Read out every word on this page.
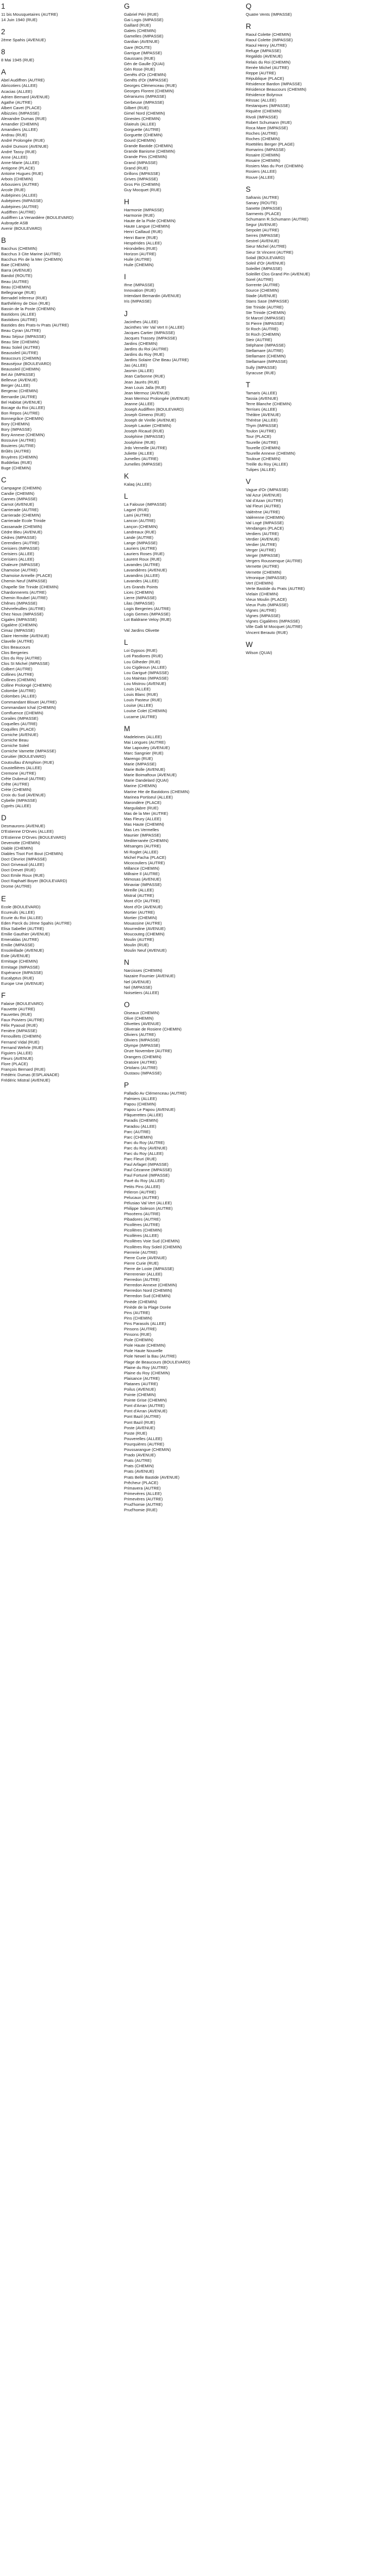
1
11 bis Mousquetaires (AUTRE)
14 Juin 1940 (RUE)
2
2ème Spahis (AVENUE)
8
8 Mai 1945 (RUE)
A
Abel Audiffren (AUTRE)
Abricotiers (ALLEE)
Acacias (ALLEE)
Adrien Bernard (AVENUE)
Agathe (AUTRE)
Albert Cavet (PLACE)
Albizzies (IMPASSE)
Alexandre Dumas (RUE)
Amandier (CHEMIN)
Amandiers (ALLEE)
Andrau (RUE)
André Prolongée (RUE)
André Dumont (AVENUE)
André Tassy (RUE)
Anne (ALLEE)
Anne-Marie (ALLEE)
Antigone (PLACE)
Antoine Hugues (RUE)
Arbois (CHEMIN)
Arbousiers (AUTRE)
Arcole (RUE)
Aubépines (ALLEE)
Aubépines (IMPASSE)
Aubépines (AUTRE)
Audiffren (AUTRE)
Audiffren La Venardière (BOULEVARD)
Aubrayde ASB
Avenir (BOULEVARD)
B
Bacchus (CHEMIN)
Bacchus 3 Cite Marine (AUTRE)
Bacchus Pin de la Mer (CHEMIN)
Baie (CHEMIN)
Barra (AVENUE)
Bandol (ROUTE)
Beau (AUTRE)
Beau (CHEMIN)
Bellegrange (RUE)
Bernadel Inferreur (RUE)
Barthélémy de Dion (RUE)
Bassin de la Poste (CHEMIN)
Bastidons (ALLEE)
Bastidons (AUTRE)
Bastides des Prats-Iv Prats (AUTRE)
Beau Cyran (AUTRE)
Beau Séjour (IMPASSE)
Beau Site (CHEMIN)
Beau Soleil (AUTRE)
Beausoleil (AUTRE)
Beaucours (CHEMIN)
Beauséjour (BOULEVARD)
Beausoleil (CHEMIN)
Bel Air (IMPASSE)
Bellevue (AVENUE)
Berger (ALLEE)
Bergerac (CHEMIN)
Bernardie (AUTRE)
Bel Habitat (AVENUE)
Bocage du Roi (ALLEE)
Bon Repos (AUTRE)
Bonnegrâce (CHEMIN)
Bory (CHEMIN)
Bory (IMPASSE)
Bory Annexe (CHEMIN)
Bossuive (AUTRE)
Bouieres (AUTRE)
Brûlés (AUTRE)
Bruyères (CHEMIN)
Buddelias (RUE)
Buge (CHEMIN)
C
Campagne (CHEMIN)
Candie (CHEMIN)
Cannes (IMPASSE)
Carnot (AVENUE)
Carrierade (AUTRE)
Carrierade (CHEMIN)
Carrierade Ecole Trinide
Cassanade (CHEMIN)
Cèdre Bleu (AVENUE)
Cèdres (IMPASSE)
Cerendiers (AUTRE)
Cerisiers (IMPASSE)
Cerisiers (ALLEE)
Cerisiers (ALLEE)
Chaleure (IMPASSE)
Chamoise (AUTRE)
Chamoise Armelle (PLACE)
Chemin Neuf (IMPASSE)
Chapelle Ste Trinide (CHEMIN)
Chardonnerets (AUTRE)
Chemin Roubel (AUTRE)
Chênes (IMPASSE)
Chèvrefeuilles (AUTRE)
Chez Nous (IMPASSE)
Cigales (IMPASSE)
Cigalière (CHEMIN)
Cimaz (IMPASSE)
Claire Hermitte (AVENUE)
Clavelle (AUTRE)
Clos Beaucours
Clos Bergeries
Clos du Roy (AUTRE)
Clos St Michel (IMPASSE)
Colbert (AUTRE)
Collines (AUTRE)
Collines (CHEMIN)
Colline Prolongé (CHEMIN)
Colombe (AUTRE)
Colombes (ALLEE)
Commandant Blouet (AUTRE)
Commandant Ichal (CHEMIN)
Comfluence (CHEMIN)
Corailes (IMPASSE)
Coquelles (AUTRE)
Coquilles (PLACE)
Corniche (AVENUE)
Corniche Beau
Corniche Soleil
Corniche Varnette (IMPASSE)
Coruitier (BOULEVARD)
Coutoullau d'Amphion (RUE)
Coustellières (ALLEE)
Cremone (AUTRE)
Crête Dubreuil (AUTRE)
Crête (AUTRE)
Crète (CHEMIN)
Croix du Sud (AVENUE)
Cybelle (IMPASSE)
Cyprès (ALLEE)
D
Desmaurons (AVENUE)
D'Estienne D'Orves (ALLEE)
D'Estienne D'Orves (BOULEVARD)
Devenotte (CHEMIN)
Diable (CHEMIN)
Diables Tisot Fort Bout (CHEMIN)
Doct Clevriot (IMPASSE)
Doct Griveaud (ALLEE)
Doct Drevet (RUE)
Doct Emile Roux (RUE)
Doct Raphaël Boyer (BOULEVARD)
Drome (AUTRE)
E
Ecole (BOULEVARD)
Ecureuils (ALLEE)
Ecurie du Roi (ALLEE)
Eden Parck du 2ème Spahis (AUTRE)
Elisa Sabellet (AUTRE)
Emilie Gauthier (AVENUE)
Emeraldas (AUTRE)
Emilie (IMPASSE)
Ensoleillade (AVENUE)
Eole (AVENUE)
Ermitage (CHEMIN)
Ermitage (IMPASSE)
Espérance (IMPASSE)
Eucalyptus (RUE)
Europe Une (AVENUE)
F
Falaise (BOULEVARD)
Fauvette (AUTRE)
Fauvettes (RUE)
Faux Poiviers (AUTRE)
Félix Pyaoud (RUE)
Fenière (IMPASSE)
Fenouillets (CHEMIN)
Fernand Vidal (RUE)
Fernand Wehrle (RUE)
Figuiers (ALLEE)
Fleurs (AVENUE)
Flore (PLACE)
François Bernard (RUE)
Frédéric Dumas (ESPLANADE)
Frédéric Mistral (AVENUE)
G
Gabriel Péri (RUE)
Gai Logis (IMPASSE)
Gaillard (RUE)
Galets (CHEMIN)
Gamelles (IMPASSE)
Gardian (AVENUE)
Gare (ROUTE)
Garrigue (IMPASSE)
Gaussans (RUE)
Gén de Gaulle (QUAI)
Gén Rose (RUE)
Genêts d'Or (CHEMIN)
Genêts d'Or (IMPASSE)
Georges Clémenceau (RUE)
Georges Florent (CHEMIN)
Géraniums (IMPASSE)
Gerbeuse (IMPASSE)
Gilbert (RUE)
Gimel Nord (CHEMIN)
Ginestes (CHEMIN)
Glaïeuls (ALLEE)
Gorguette (AUTRE)
Gorguette (CHEMIN)
Gourd (CHEMIN)
Grande Bastide (CHEMIN)
Grande Banisme (CHEMIN)
Grande Pins (CHEMIN)
Grand (IMPASSE)
Grand (RUE)
Grillons (IMPASSE)
Grives (IMPASSE)
Gros Pin (CHEMIN)
Guy Mocquet (RUE)
H
Harmonie (IMPASSE)
Harmonie (RUE)
Haute de la Piole (CHEMIN)
Haute Langue (CHEMIN)
Henri Caillaud (RUE)
Henri Barre (RUE)
Hespérides (ALLEE)
Hirondelles (RUE)
Horizon (AUTRE)
Huile (AUTRE)
Huile (CHEMIN)
I
Ifrne (IMPASSE)
Innovation (RUE)
Intendant Bernardin (AVENUE)
Iris (IMPASSE)
J
Jacinthes (ALLEE)
Jacinthes Ver Val Vert II (ALLEE)
Jacques Cartier (IMPASSE)
Jacques Trassey (IMPASSE)
Jardins (CHEMIN)
Jardins du Roi (AUTRE)
Jardins du Roy (RUE)
Jardins Solaire Che Beau (AUTRE)
Jas (ALLEE)
Jasmin (ALLEE)
Jean Carbonne (RUE)
Jean Jaurès (RUE)
Jean Louis Jalla (RUE)
Jean Mermoz (AVENUE)
Jean Mermoz Prolongée (AVENUE)
Jeanne (ALLEE)
Joseph Audiffren (BOULEVARD)
Joseph Gimeno (RUE)
Joseph de Virelle (AVENUE)
Joseph Lautier (CHEMIN)
Joseph Ricaud (RUE)
Joséphine (IMPASSE)
Joséphine (RUE)
Jrdo Verneille (AUTRE)
Juliette (ALLEE)
Jumelles (AUTRE)
Jumelles (IMPASSE)
K
Kalaq (ALLEE)
L
La Falouse (IMPASSE)
Lagzel (RUE)
Lami (AUTRE)
Lancon (AUTRE)
Lançon (CHEMIN)
Landreaux (RUE)
Lande (AUTRE)
Lange (IMPASSE)
Lauriers (AUTRE)
Lauriers Roses (RUE)
Laurent Roux (RUE)
Lavandes (AUTRE)
Lavandières (AVENUE)
Lavandins (ALLEE)
Lavandes (ALLEE)
Les Grands Points
Lices (CHEMIN)
Lierre (IMPASSE)
Lilas (IMPASSE)
Logis Bergeries (AUTRE)
Logis Gemes (IMPASSE)
Lot Baldrane Veloy (RUE)
Val Jardins Olivette
L
Loi Gypsos (RUE)
Loti Pasdiores (RUE)
Lou Gilheder (RUE)
Lou Cigdeoun (ALLEE)
Lou Garigué (IMPASSE)
Lou Maintas (IMPASSE)
Lou Mistrou (AVENUE)
Louis (ALLEE)
Louis Blanc (RUE)
Louis Pasteur (RUE)
Louise (ALLEE)
Louise Colet (CHEMIN)
Lucarne (AUTRE)
M
Madeleines (ALLEE)
Mai Longues (AUTRE)
Mar Lapoutey (AVENUE)
Marc Sangnier (RUE)
Marengo (RUE)
Marie (IMPASSE)
Marie Bolle (AVENUE)
Marie Boimaftoux (AVENUE)
Marie Dandelard (QUAI)
Marine (CHEMIN)
Marine Hte de Bastidons (CHEMIN)
Marinea Portiseul (ALLEE)
Marondère (PLACE)
Marguilabre (RUE)
Mas de la Mer (AUTRE)
Mas Fleury (ALLEE)
Mas Haute (CHEMIN)
Mas Les Vermelles
Maunier (IMPASSE)
Mediterranée (CHEMIN)
Mésanges (AUTRE)
Mi Roglet (ALLEE)
Michel Pacha (PLACE)
Micocouliers (AUTRE)
Millance (CHEMIN)
Millraire Il (AUTRE)
Mimosas (AVENUE)
Minaviar (IMPASSE)
Mireille (ALLEE)
Mistral (AUTRE)
Mont d'Or (AUTRE)
Mont d'Or (AVENUE)
Mortier (AUTRE)
Mortier (CHEMIN)
Mouassine (AUTRE)
Mourredine (AVENUE)
Moucouteg (CHEMIN)
Moulin (AUTRE)
Moulin (RUE)
Moulin Neuf (AVENUE)
N
Narcisses (CHEMIN)
Nazaire Fournier (AVENUE)
Nel (AVENUE)
Nel (IMPASSE)
Noisetiers (ALLEE)
O
Oiseaux (CHEMIN)
Olive (CHEMIN)
Olivettes (AVENUE)
Oliveraie de Rosiere (CHEMIN)
Oliviers (AUTRE)
Oliviers (IMPASSE)
Olympe (IMPASSE)
Onze Novembre (AUTRE)
Orangers (CHEMIN)
Oratoire (AUTRE)
Ortolans (AUTRE)
Oustaou (IMPASSE)
P
Palladio Av Clémenceau (AUTRE)
Palmiers (ALLEE)
Papou (CHEMIN)
Papou Le Papou (AVENUE)
Pâquerettes (ALLEE)
Paradis (CHEMIN)
Paradou (ALLEE)
Parc (AUTRE)
Parc (CHEMIN)
Parc du Roy (AUTRE)
Parc du Roy (AVENUE)
Parc du Roy (ALLEE)
Parc Fleuri (RUE)
Paul Arfaget (IMPASSE)
Paul Cézanne (IMPASSE)
Paul Fortuné (IMPASSE)
Pavé du Roy (ALLEE)
Petits Pins (ALLEE)
Péleron (AUTRE)
Pelucaux (AUTRE)
Pélusiao Val Vert (ALLEE)
Philippe Soleson (AUTRE)
Phocéens (AUTRE)
Pibadores (AUTRE)
Picollères (AUTRE)
Picollères (CHEMIN)
Picollères (ALLEE)
Picollères Voie Sud (CHEMIN)
Picollères Roy Soleil (CHEMIN)
Pierrerie (AUTRE)
Pierre Curie (AVENUE)
Pierre Curie (RUE)
Pierre de Loste (IMPASSE)
Pierrerenier (ALLEE)
Pierredon (AUTRE)
Pierredon Annexe (CHEMIN)
Pierredon Nord (CHEMIN)
Pierredon Sud (CHEMIN)
Pinède (CHEMIN)
Pinède de la Plage Dorée
Pins (AUTRE)
Pins (CHEMIN)
Pins Parasols (ALLEE)
Pinsons (AUTRE)
Pinsons (RUE)
Piole (CHEMIN)
Piole Haute (CHEMIN)
Piole Haute Nouvelle
Piole Newel la Bau (AUTRE)
Plage de Beaucours (BOULEVARD)
Plaine du Roy (AUTRE)
Plaine du Roy (CHEMIN)
Plaisance (AUTRE)
Platanes (AUTRE)
Poilus (AVENUE)
Pointe (CHEMIN)
Pointe Grise (CHEMIN)
Pont d'Arran (AUTRE)
Pont d'Arran (AVENUE)
Pont Bazil (AUTRE)
Pont Bazil (RUE)
Poste (AVENUE)
Poste (RUE)
Pouverelles (ALLEE)
Pourquières (AUTRE)
Poussarangue (CHEMIN)
Prado (AVENUE)
Prats (AUTRE)
Prats (CHEMIN)
Prats (AVENUE)
Prats Belle Bastide (AVENUE)
Prêcheur (PLACE)
Primavera (AUTRE)
Primevères (ALLEE)
Primevères (AUTRE)
Prud'homie (AUTRE)
Prud'homie (RUE)
Q
Quatre Vents (IMPASSE)
R
Raoul Colette (CHEMIN)
Raoul Colette (IMPASSE)
Raoul Henry (AUTRE)
Refuge (IMPASSE)
Regalido (AVENUE)
Relais du Roi (CHEMIN)
Renée Michel (AUTRE)
Reppe (AUTRE)
République (PLACE)
Résidence Bardon (IMPASSE)
Résidence Beaucours (CHEMIN)
Résidence Bolyroux
Rèssac (ALLEE)
Restanques (IMPASSE)
Riquière (CHEMIN)
Rivoli (IMPASSE)
Robert Schumann (RUE)
Roca Mare (IMPASSE)
Roches (AUTRE)
Roches (CHEMIN)
Roettèles Berger (PLAGE)
Romarins (IMPASSE)
Rosaire (CHEMIN)
Rosaire (CHEMIN)
Rosiers Mas du Port (CHEMIN)
Rosiers (ALLEE)
Rouve (ALLEE)
S
Safranis (AUTRE)
Sanary (ROUTE)
Sanette (IMPASSE)
Sarments (PLACE)
Schumann R.Schumann (AUTRE)
Segur (AVENUE)
Serpolet (AUTRE)
Serres (IMPASSE)
Sestrel (AVENUE)
Sieur Michel (AUTRE)
Sieur St Vincent (AUTRE)
Solail (BOULEVARD)
Soleil d'Or (AVENUE)
Soleillet (IMPASSE)
Soleillet Clos Grand Pin (AVENUE)
Sorel (AUTRE)
Sorrente (AUTRE)
Source (CHEMIN)
Stade (AVENUE)
Stans Sase (IMPASSE)
Ste Trinide (AUTRE)
Ste Trinide (CHEMIN)
St Marcel (IMPASSE)
St Pierre (IMPASSE)
St Roch (AUTRE)
St Roch (CHEMIN)
Steir (AUTRE)
Stéphane (IMPASSE)
Stellamare (AUTRE)
Stellamare (CHEMIN)
Stellamare (IMPASSE)
Sully (IMPASSE)
Syracuse (RUE)
T
Tamaris (ALLEE)
Tassia (AVENUE)
Terre Blanche (CHEMIN)
Terrises (ALLEE)
Théâtre (AVENUE)
Thérèse (ALLEE)
Thym (IMPASSE)
Toulon (AUTRE)
Tour (PLACE)
Tourelle (AUTRE)
Tourelle (CHEMIN)
Tourelle Annexe (CHEMIN)
Touloue (CHEMIN)
Treille du Roy (ALLEE)
Tulipes (ALLEE)
V
Vague d'Or (IMPASSE)
Val Azur (AVENUE)
Val d'Azan (AUTRE)
Val Fleuri (AUTRE)
Valérène (AUTRE)
Valèrenne (CHEMIN)
Val Logé (IMPASSE)
Vendanges (PLACE)
Verdiers (AUTRE)
Verdier (AVENUE)
Verdier (AUTRE)
Verger (AUTRE)
Verger (IMPASSE)
Vergers Roussenque (AUTRE)
Vernette (AUTRE)
Vernette (CHEMIN)
Véronique (IMPASSE)
Vert (CHEMIN)
Verte Bastide du Prats (AUTRE)
Vielain (CHEMIN)
Vieux Moulin (PLACE)
Vieux Puits (IMPASSE)
Vignes (AUTRE)
Vignes (IMPASSE)
Vignes Cigalières (IMPASSE)
Ville Galli M Mocquet (AUTRE)
Vincent Berauto (RUE)
W
Wilson (QUAI)
